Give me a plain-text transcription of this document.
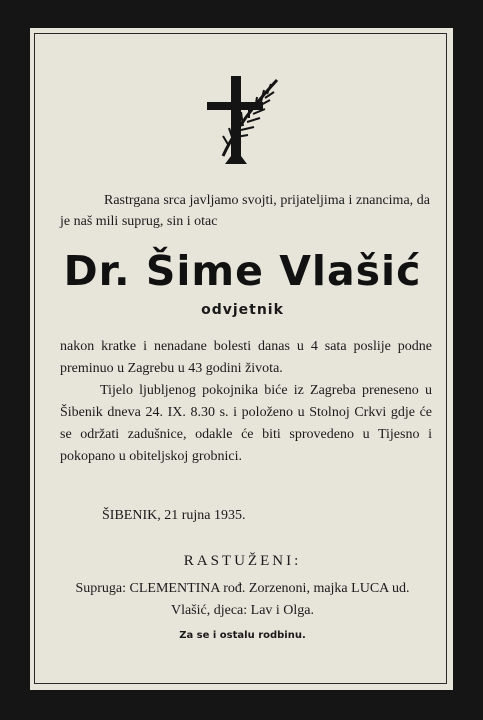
Rastrgana srca javljamo svojti, prijateljima i znancima, da je naš mili suprug, sin i otac
Dr. Šime Vlašić
odvjetnik
nakon kratke i nenadane bolesti danas u 4 sata poslije podne preminuo u Zagrebu u 43 godini života.
Tijelo ljubljenog pokojnika biće iz Zagreba preneseno u Šibenik dneva 24. IX. 8.30 s. i položeno u Stolnoj Crkvi gdje će se održati zadušnice, odakle će biti sprovedeno u Tijesno i pokopano u obiteljskoj grobnici.
ŠIBENIK, 21 rujna 1935.
RASTUŽENI:
Supruga: CLEMENTINA rođ. Zorzenoni, majka LUCA ud. Vlašić, djeca: Lav i Olga.
Za se i ostalu rodbinu.
